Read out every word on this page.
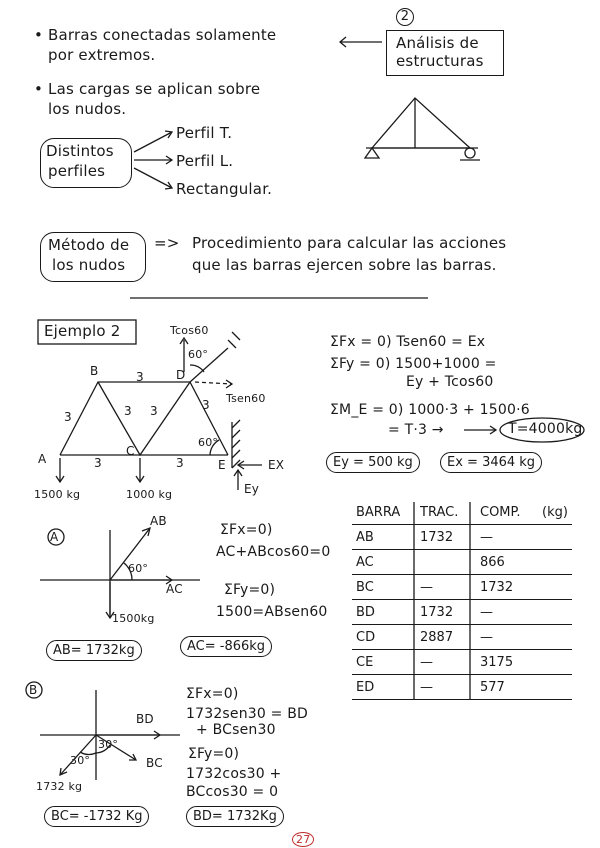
• Barras conectadas solamente
por extremos.
• Las cargas se aplican sobre
los nudos.
2
Análisis de
estructuras
Distintos
perfiles
Perfil T.
Perfil L.
Rectangular.
Método de
los nudos
=> Procedimiento para calcular las acciones
que las barras ejercen sobre las barras.
Ejemplo 2
A
B
C
D
E
3
3	3 3	3
3	3
1500 kg	1000 kg
Tcos60
60°
Tsen60
60°
EX
Ey
ΣFx = 0) Tsen60 = Ex
ΣFy = 0) 1500+1000 =
Ey + Tcos60
ΣM_E = 0) 1000·3 + 1500·6
= T·3 →	T=4000kg
Ey = 500 kg	Ex = 3464 kg
A
AB
AC
60°
1500kg
ΣFx=0)
AC+ABcos60=0
ΣFy=0)
1500=ABsen60
AB= 1732kg	AC= -866kg
B
BD
BC
30°
30°
1732 kg
ΣFx=0)
1732sen30 = BD
+ BCsen30
ΣFy=0)
1732cos30 +
BCcos30 = 0
BC= -1732 Kg	BD= 1732Kg
BARRA	TRAC.	COMP.	(kg)
AB	1732	—	
AC		866	
BC	—	1732	
BD	1732	—	
CD	2887	—	
CE	—	3175	
ED	—	577	
27
